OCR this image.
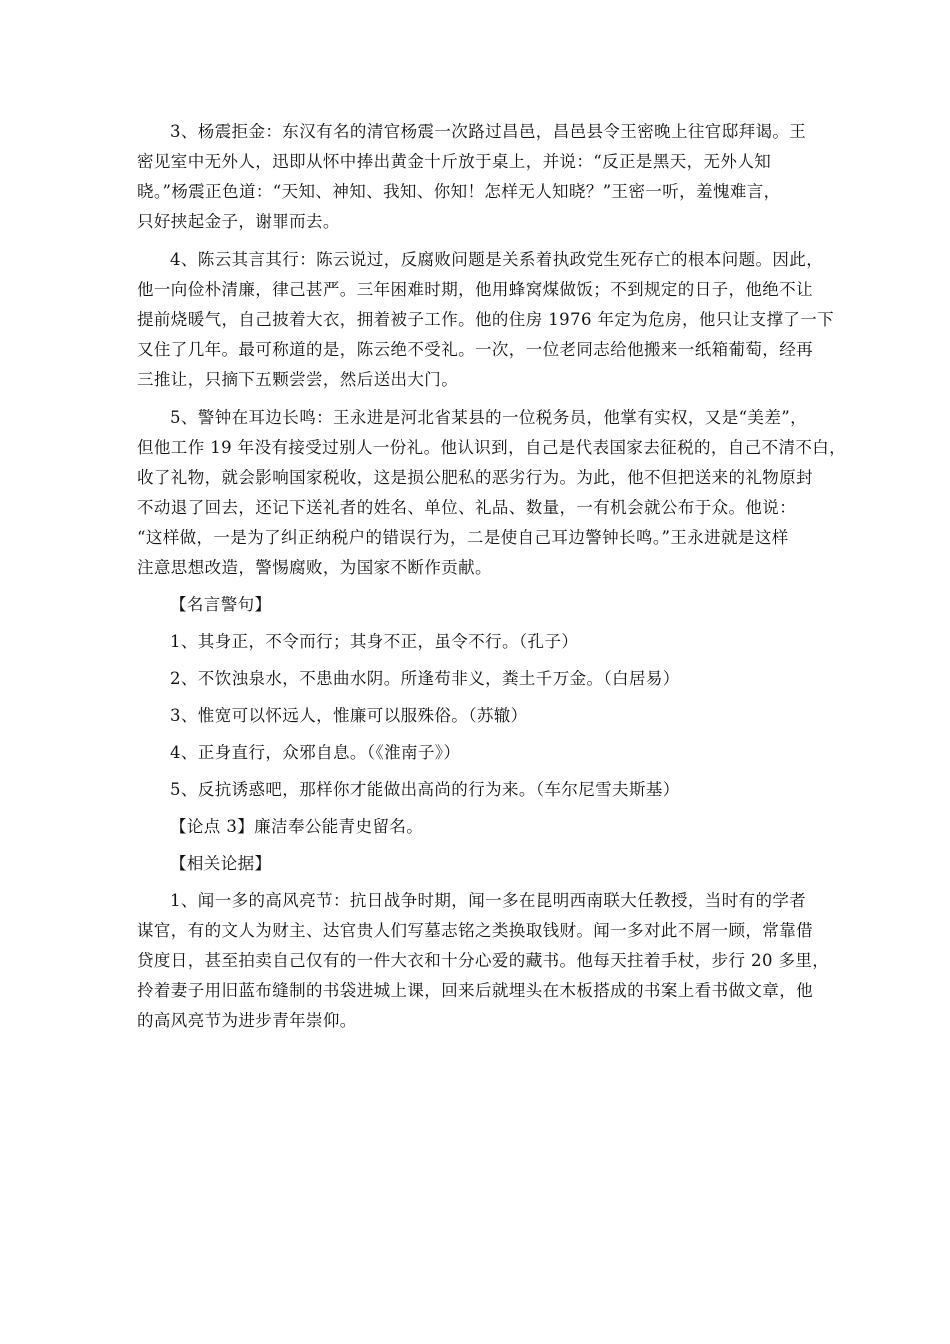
3、杨震拒金：东汉有名的清官杨震一次路过昌邑，昌邑县令王密晚上往官邸拜谒。王
密见室中无外人，迅即从怀中捧出黄金十斤放于桌上，并说：“反正是黑天，无外人知
晓。”杨震正色道：“天知、神知、我知、你知！怎样无人知晓？”王密一听，羞愧难言，
只好挟起金子，谢罪而去。
4、陈云其言其行：陈云说过，反腐败问题是关系着执政党生死存亡的根本问题。因此，
他一向俭朴清廉，律己甚严。三年困难时期，他用蜂窝煤做饭；不到规定的日子，他绝不让
提前烧暖气，自己披着大衣，拥着被子工作。他的住房 1976 年定为危房，他只让支撑了一下
又住了几年。最可称道的是，陈云绝不受礼。一次，一位老同志给他搬来一纸箱葡萄，经再
三推让，只摘下五颗尝尝，然后送出大门。
5、警钟在耳边长鸣：王永进是河北省某县的一位税务员，他掌有实权，又是“美差”，
但他工作 19 年没有接受过别人一份礼。他认识到，自己是代表国家去征税的，自己不清不白，
收了礼物，就会影响国家税收，这是损公肥私的恶劣行为。为此，他不但把送来的礼物原封
不动退了回去，还记下送礼者的姓名、单位、礼品、数量，一有机会就公布于众。他说：
“这样做，一是为了纠正纳税户的错误行为，二是使自己耳边警钟长鸣。”王永进就是这样
注意思想改造，警惕腐败，为国家不断作贡献。

【名言警句】

1、其身正，不令而行；其身不正，虽令不行。（孔子）

2、不饮浊泉水，不患曲水阴。所逢苟非义，粪土千万金。（白居易）

3、惟宽可以怀远人，惟廉可以服殊俗。（苏辙）

4、正身直行，众邪自息。（《淮南子》）

5、反抗诱惑吧，那样你才能做出高尚的行为来。（车尔尼雪夫斯基）

【论点 3】廉洁奉公能青史留名。

【相关论据】

1、闻一多的高风亮节：抗日战争时期，闻一多在昆明西南联大任教授，当时有的学者
谋官，有的文人为财主、达官贵人们写墓志铭之类换取钱财。闻一多对此不屑一顾，常靠借
贷度日，甚至拍卖自己仅有的一件大衣和十分心爱的藏书。他每天拄着手杖，步行 20 多里，
拎着妻子用旧蓝布缝制的书袋进城上课，回来后就埋头在木板搭成的书案上看书做文章，他
的高风亮节为进步青年崇仰。
